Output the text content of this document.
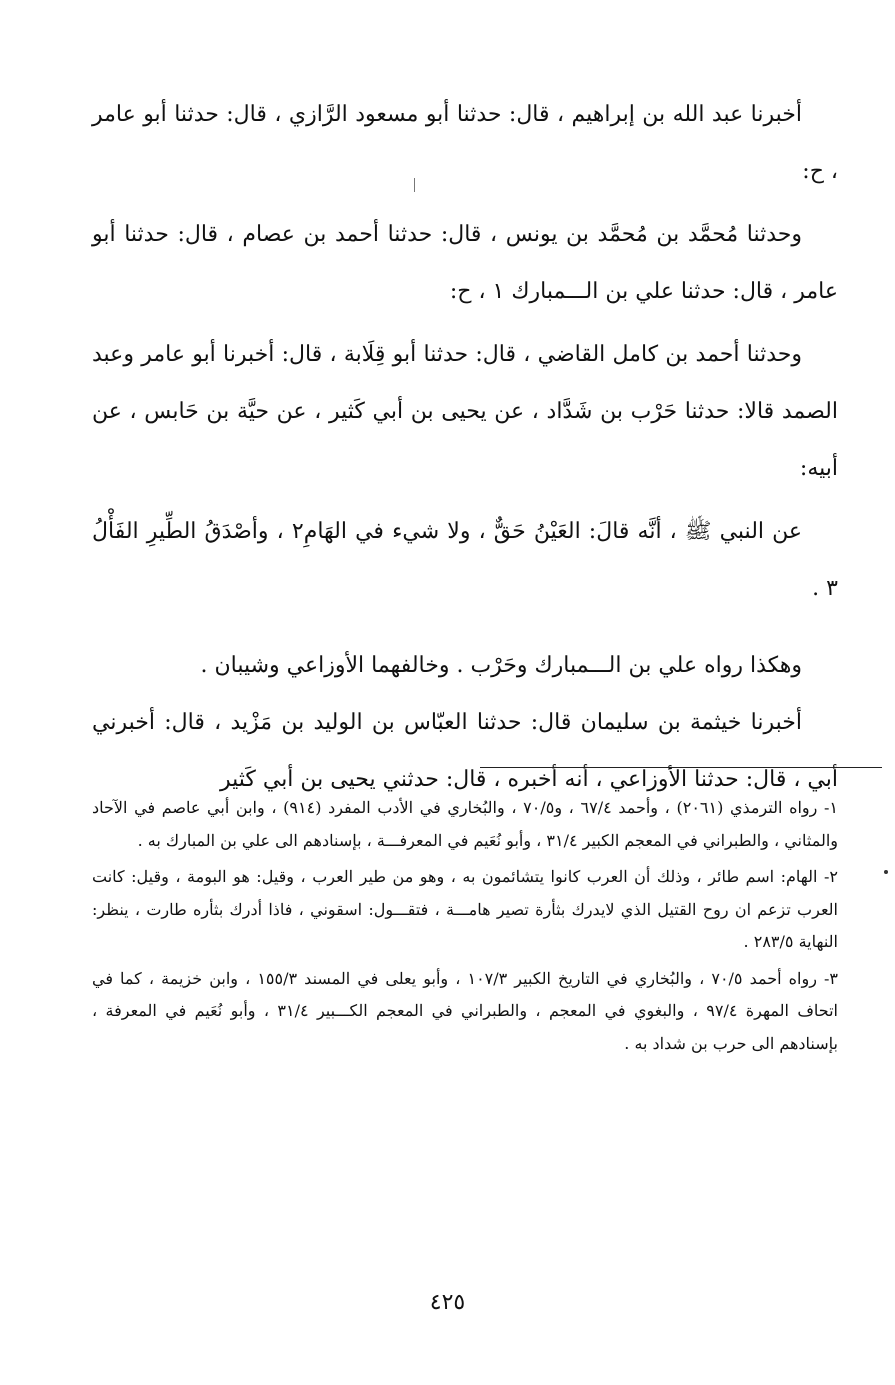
أخبرنا عبد الله بن إبراهيم ، قال: حدثنا أبو مسعود الرَّازي ، قال: حدثنا أبو عامر ، ح:

وحدثنا مُحمَّد بن مُحمَّد بن يونس ، قال: حدثنا أحمد بن عصام ، قال: حدثنا أبو عامر ، قال: حدثنا علي بن الـــمبارك ١ ، ح:

وحدثنا أحمد بن كامل القاضي ، قال: حدثنا أبو قِلَابة ، قال: أخبرنا أبو عامر وعبد الصمد قالا: حدثنا حَرْب بن شَدَّاد ، عن يحيى بن أبي كَثير ، عن حيَّة بن حَابس ، عن أبيه:

عن النبي ﷺ ، أنَّه قالَ: العَيْنُ حَقٌّ ، ولا شيء في الهَامِ٢ ، وأصْدَقُ الطِّيرِ الفَأْلُ ٣ .

وهكذا رواه علي بن الـــمبارك وحَرْب . وخالفهما الأوزاعي وشيبان .

أخبرنا خيثمة بن سليمان قال: حدثنا العبّاس بن الوليد بن مَزْيد ، قال: أخبرني أبي ، قال: حدثنا الأوزاعي ، أنه أخبره ، قال: حدثني يحيى بن أبي كَثير

١- رواه الترمذي (٢٠٦١) ، وأحمد ٦٧/٤ ، و٧٠/٥ ، والبُخاري في الأدب المفرد (٩١٤) ، وابن أبي عاصم في الآحاد والمثاني ، والطبراني في المعجم الكبير ٣١/٤ ، وأبو نُعَيم في المعرفـــة ، بإسنادهم الى علي بن المبارك به .

٢- الهام: اسم طائر ، وذلك أن العرب كانوا يتشائمون به ، وهو من طير العرب ، وقيل: هو البومة ، وقيل: كانت العرب تزعم ان روح القتيل الذي لايدرك بثأرة تصير هامـــة ، فتقـــول: اسقوني ، فاذا أدرك بثأره طارت ، ينظر: النهاية ٢٨٣/٥ .

٣- رواه أحمد ٧٠/٥ ، والبُخاري في التاريخ الكبير ١٠٧/٣ ، وأبو يعلى في المسند ١٥٥/٣ ، وابن خزيمة ، كما في اتحاف المهرة ٩٧/٤ ، والبغوي في المعجم ، والطبراني في المعجم الكـــبير ٣١/٤ ، وأبو نُعَيم في المعرفة ، بإسنادهم الى حرب بن شداد به .

٤٢٥
